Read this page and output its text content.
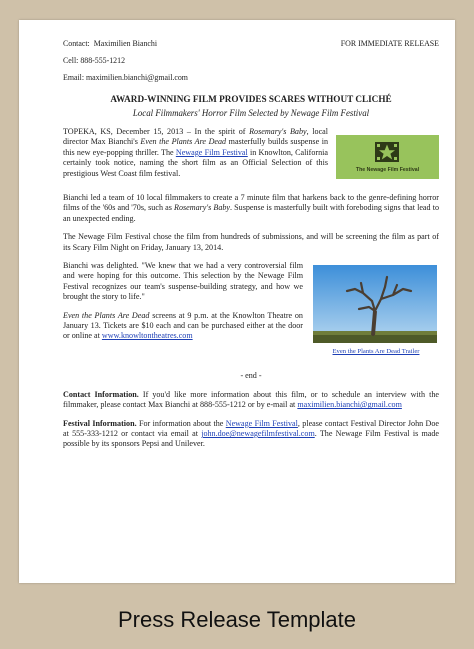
Contact: Maximilien Bianchi	FOR IMMEDIATE RELEASE
Cell: 888-555-1212
Email: maximilien.bianchi@gmail.com
AWARD-WINNING FILM PROVIDES SCARES WITHOUT CLICHÉ
Local Filmmakers' Horror Film Selected by Newage Film Festival
The Newage Film Festival
TOPEKA, KS, December 15, 2013 – In the spirit of Rosemary's Baby, local director Max Bianchi's Even the Plants Are Dead masterfully builds suspense in this new eye-popping thriller. The Newage Film Festival in Knowlton, California certainly took notice, naming the short film as an Official Selection of this prestigious West Coast film festival.
Bianchi led a team of 10 local filmmakers to create a 7 minute film that harkens back to the genre-defining horror films of the '60s and '70s, such as Rosemary's Baby. Suspense is masterfully built with foreboding signs that lead to an unexpected ending.
The Newage Film Festival chose the film from hundreds of submissions, and will be screening the film as part of its Scary Film Night on Friday, January 13, 2014.
Even the Plants Are Dead Trailer
Bianchi was delighted. "We knew that we had a very controversial film and were hoping for this outcome. This selection by the Newage Film Festival recognizes our team's suspense-building strategy, and how we brought the story to life."
Even the Plants Are Dead screens at 9 p.m. at the Knowlton Theatre on January 13. Tickets are $10 each and can be purchased either at the door or online at www.knowltontheatres.com
- end -
Contact Information. If you'd like more information about this film, or to schedule an interview with the filmmaker, please contact Max Bianchi at 888-555-1212 or by e-mail at maximilien.bianchi@gmail.com
Festival Information. For information about the Newage Film Festival, please contact Festival Director John Doe at 555-333-1212 or contact via email at john.doe@newagefilmfestival.com. The Newage Film Festival is made possible by its sponsors Pepsi and Unilever.
Press Release Template
